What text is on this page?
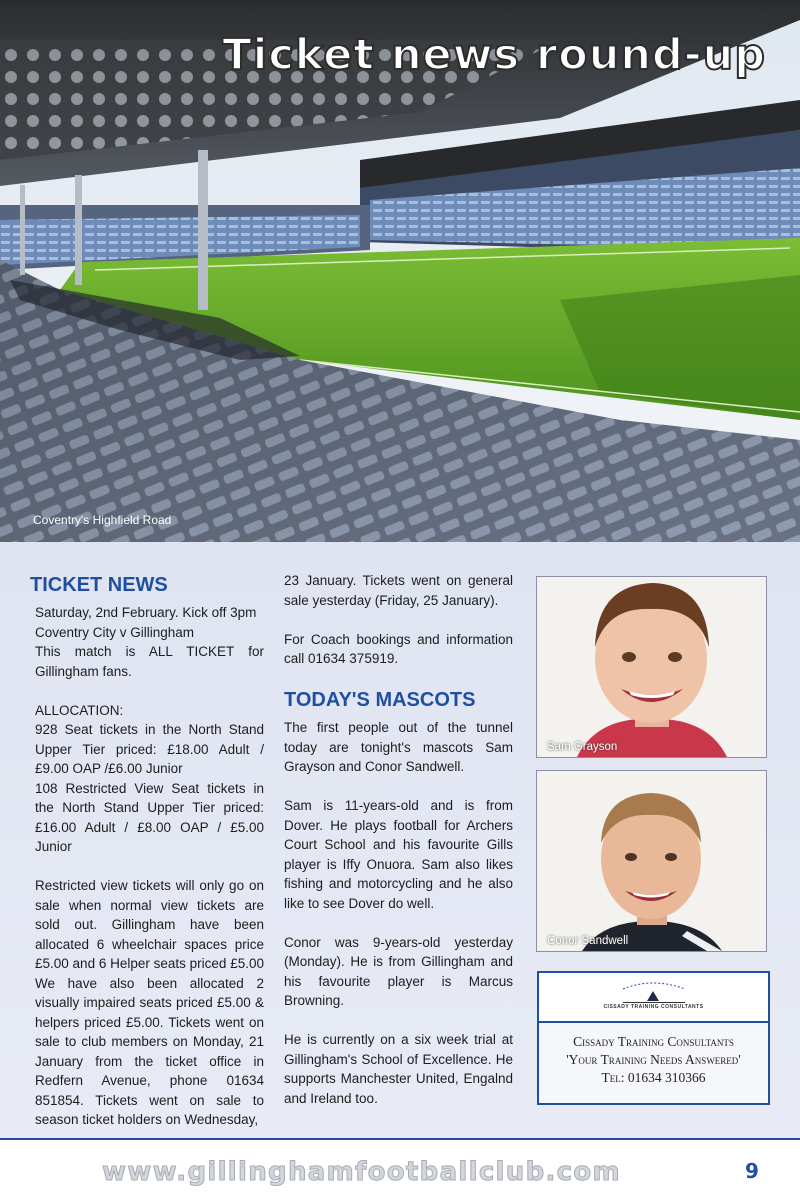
Ticket news round-up
Coventry's Highfield Road
TICKET NEWS

Saturday, 2nd February. Kick off 3pm
Coventry City v Gillingham

This match is ALL TICKET for Gillingham fans.

ALLOCATION:

928 Seat tickets in the North Stand Upper Tier priced: £18.00 Adult / £9.00 OAP /£6.00 Junior

108 Restricted View Seat tickets in the North Stand Upper Tier priced: £16.00 Adult / £8.00 OAP / £5.00 Junior

Restricted view tickets will only go on sale when normal view tickets are sold out. Gillingham have been allocated 6 wheelchair spaces price £5.00 and 6 Helper seats priced £5.00 We have also been allocated 2 visually impaired seats priced £5.00 & helpers priced £5.00. Tickets went on sale to club members on Monday, 21 January from the ticket office in Redfern Avenue, phone 01634 851854. Tickets went on sale to season ticket holders on Wednesday,

23 January. Tickets went on general sale yesterday (Friday, 25 January).

For Coach bookings and information call 01634 375919.

TODAY'S MASCOTS

The first people out of the tunnel today are tonight's mascots Sam Grayson and Conor Sandwell.

Sam is 11-years-old and is from Dover. He plays football for Archers Court School and his favourite Gills player is Iffy Onuora. Sam also likes fishing and motorcycling and he also like to see Dover do well.

Conor was 9-years-old yesterday (Monday). He is from Gillingham and his favourite player is Marcus Browning.

He is currently on a six week trial at Gillingham's School of Excellence. He supports Manchester United, Engalnd and Ireland too.

Sam Grayson
Conor Sandwell
CISSADY TRAINING CONSULTANTS
Cissady Training Consultants
'Your Training Needs Answered'
Tel: 01634 310366
www.gillinghamfootballclub.com	9
